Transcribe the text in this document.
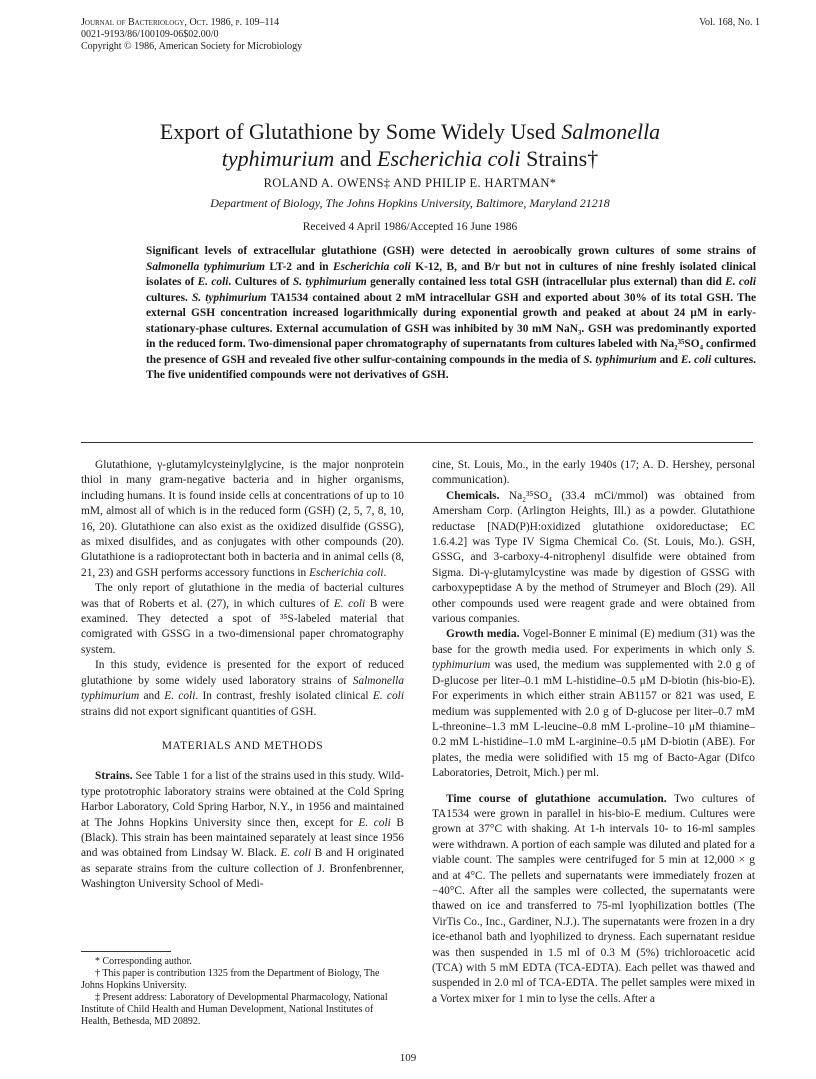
Journal of Bacteriology, Oct. 1986, p. 109–114
0021-9193/86/100109-06$02.00/0
Copyright © 1986, American Society for Microbiology
Vol. 168, No. 1
Export of Glutathione by Some Widely Used Salmonella
typhimurium and Escherichia coli Strains†
ROLAND A. OWENS‡ AND PHILIP E. HARTMAN*
Department of Biology, The Johns Hopkins University, Baltimore, Maryland 21218
Received 4 April 1986/Accepted 16 June 1986
Significant levels of extracellular glutathione (GSH) were detected in aeroobically grown cultures of some strains of Salmonella typhimurium LT-2 and in Escherichia coli K-12, B, and B/r but not in cultures of nine freshly isolated clinical isolates of E. coli. Cultures of S. typhimurium generally contained less total GSH (intracellular plus external) than did E. coli cultures. S. typhimurium TA1534 contained about 2 mM intracellular GSH and exported about 30% of its total GSH. The external GSH concentration increased logarithmically during exponential growth and peaked at about 24 μM in early-stationary-phase cultures. External accumulation of GSH was inhibited by 30 mM NaN₃. GSH was predominantly exported in the reduced form. Two-dimensional paper chromatography of supernatants from cultures labeled with Na₂³⁵SO₄ confirmed the presence of GSH and revealed five other sulfur-containing compounds in the media of S. typhimurium and E. coli cultures. The five unidentified compounds were not derivatives of GSH.

Glutathione, γ-glutamylcysteinylglycine, is the major nonprotein thiol in many gram-negative bacteria and in higher organisms, including humans. It is found inside cells at concentrations of up to 10 mM, almost all of which is in the reduced form (GSH) (2, 5, 7, 8, 10, 16, 20). Glutathione can also exist as the oxidized disulfide (GSSG), as mixed disulfides, and as conjugates with other compounds (20). Glutathione is a radioprotectant both in bacteria and in animal cells (8, 21, 23) and GSH performs accessory functions in Escherichia coli.

The only report of glutathione in the media of bacterial cultures was that of Roberts et al. (27), in which cultures of E. coli B were examined. They detected a spot of ³⁵S-labeled material that comigrated with GSSG in a two-dimensional paper chromatography system.

In this study, evidence is presented for the export of reduced glutathione by some widely used laboratory strains of Salmonella typhimurium and E. coli. In contrast, freshly isolated clinical E. coli strains did not export significant quantities of GSH.

MATERIALS AND METHODS

Strains. See Table 1 for a list of the strains used in this study. Wild-type prototrophic laboratory strains were obtained at the Cold Spring Harbor Laboratory, Cold Spring Harbor, N.Y., in 1956 and maintained at The Johns Hopkins University since then, except for E. coli B (Black). This strain has been maintained separately at least since 1956 and was obtained from Lindsay W. Black. E. coli B and H originated as separate strains from the culture collection of J. Bronfenbrenner, Washington University School of Medi-

cine, St. Louis, Mo., in the early 1940s (17; A. D. Hershey, personal communication).

Chemicals. Na₂³⁵SO₄ (33.4 mCi/mmol) was obtained from Amersham Corp. (Arlington Heights, Ill.) as a powder. Glutathione reductase [NAD(P)H:oxidized glutathione oxidoreductase; EC 1.6.4.2] was Type IV Sigma Chemical Co. (St. Louis, Mo.). GSH, GSSG, and 3-carboxy-4-nitrophenyl disulfide were obtained from Sigma. Di-γ-glutamylcystine was made by digestion of GSSG with carboxypeptidase A by the method of Strumeyer and Bloch (29). All other compounds used were reagent grade and were obtained from various companies.

Growth media. Vogel-Bonner E minimal (E) medium (31) was the base for the growth media used. For experiments in which only S. typhimurium was used, the medium was supplemented with 2.0 g of D-glucose per liter–0.1 mM L-histidine–0.5 μM D-biotin (his-bio-E). For experiments in which either strain AB1157 or 821 was used, E medium was supplemented with 2.0 g of D-glucose per liter–0.7 mM L-threonine–1.3 mM L-leucine–0.8 mM L-proline–10 μM thiamine–0.2 mM L-histidine–1.0 mM L-arginine–0.5 μM D-biotin (ABE). For plates, the media were solidified with 15 mg of Bacto-Agar (Difco Laboratories, Detroit, Mich.) per ml.

Time course of glutathione accumulation. Two cultures of TA1534 were grown in parallel in his-bio-E medium. Cultures were grown at 37°C with shaking. At 1-h intervals 10- to 16-ml samples were withdrawn. A portion of each sample was diluted and plated for a viable count. The samples were centrifuged for 5 min at 12,000 × g and at 4°C. The pellets and supernatants were immediately frozen at −40°C. After all the samples were collected, the supernatants were thawed on ice and transferred to 75-ml lyophilization bottles (The VirTis Co., Inc., Gardiner, N.J.). The supernatants were frozen in a dry ice-ethanol bath and lyophilized to dryness. Each supernatant residue was then suspended in 1.5 ml of 0.3 M (5%) trichloroacetic acid (TCA) with 5 mM EDTA (TCA-EDTA). Each pellet was thawed and suspended in 2.0 ml of TCA-EDTA. The pellet samples were mixed in a Vortex mixer for 1 min to lyse the cells. After a

* Corresponding author.
† This paper is contribution 1325 from the Department of Biology, The Johns Hopkins University.
‡ Present address: Laboratory of Developmental Pharmacology, National Institute of Child Health and Human Development, National Institutes of Health, Bethesda, MD 20892.
109
